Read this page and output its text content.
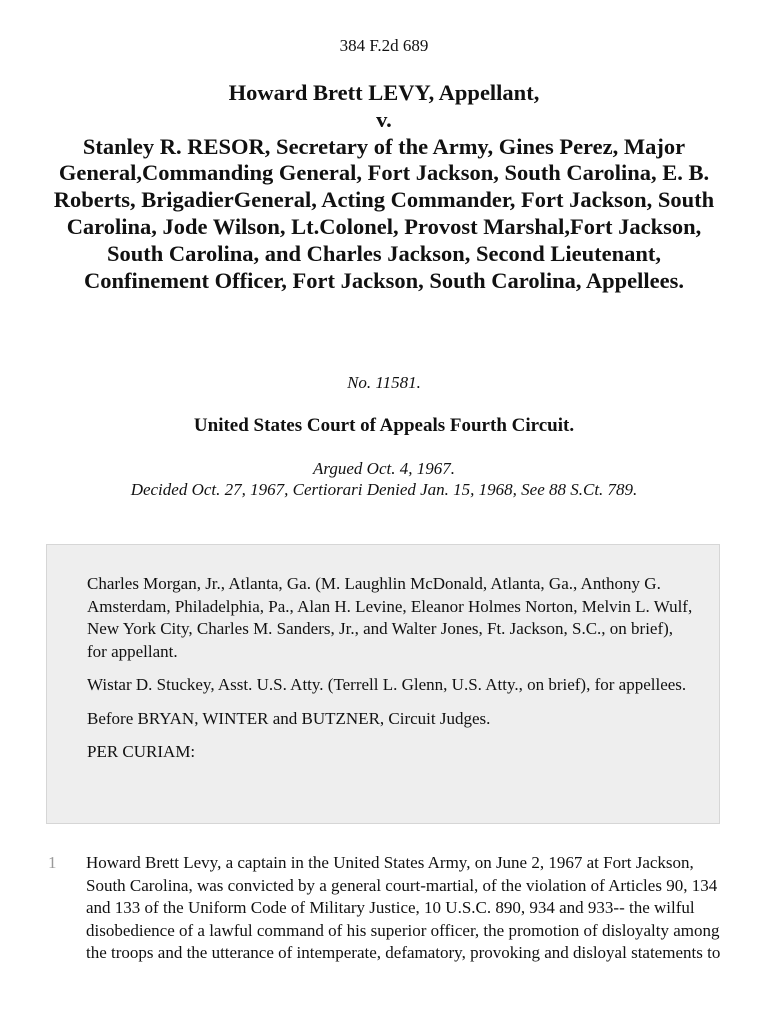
384 F.2d 689
Howard Brett LEVY, Appellant,
v.
Stanley R. RESOR, Secretary of the Army, Gines Perez, Major General,Commanding General, Fort Jackson, South Carolina, E. B. Roberts, BrigadierGeneral, Acting Commander, Fort Jackson, South Carolina, Jode Wilson, Lt.Colonel, Provost Marshal,Fort Jackson, South Carolina, and Charles Jackson, Second Lieutenant, Confinement Officer, Fort Jackson, South Carolina, Appellees.
No. 11581.
United States Court of Appeals Fourth Circuit.
Argued Oct. 4, 1967.
Decided Oct. 27, 1967, Certiorari Denied Jan. 15, 1968, See 88 S.Ct. 789.

Charles Morgan, Jr., Atlanta, Ga. (M. Laughlin McDonald, Atlanta, Ga., Anthony G. Amsterdam, Philadelphia, Pa., Alan H. Levine, Eleanor Holmes Norton, Melvin L. Wulf, New York City, Charles M. Sanders, Jr., and Walter Jones, Ft. Jackson, S.C., on brief), for appellant.

Wistar D. Stuckey, Asst. U.S. Atty. (Terrell L. Glenn, U.S. Atty., on brief), for appellees.

Before BRYAN, WINTER and BUTZNER, Circuit Judges.

PER CURIAM:

1 Howard Brett Levy, a captain in the United States Army, on June 2, 1967 at Fort Jackson, South Carolina, was convicted by a general court-martial, of the violation of Articles 90, 134 and 133 of the Uniform Code of Military Justice, 10 U.S.C. 890, 934 and 933-- the wilful disobedience of a lawful command of his superior officer, the promotion of disloyalty among the troops and the utterance of intemperate, defamatory, provoking and disloyal statements to
